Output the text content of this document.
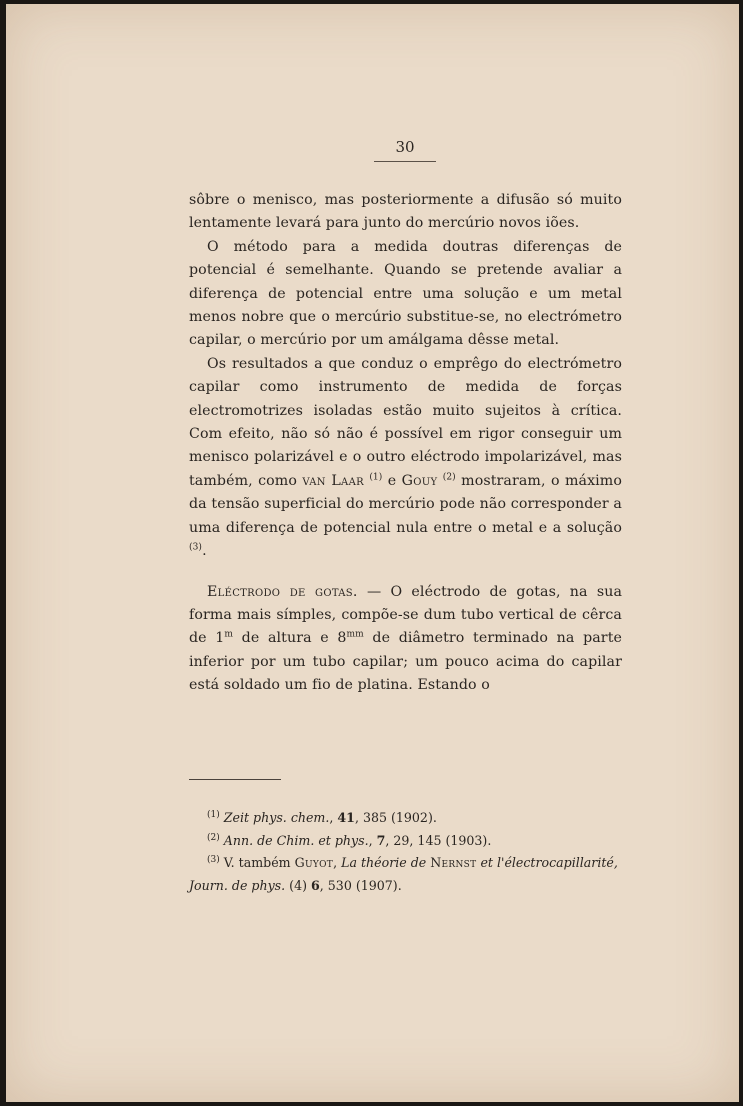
30

sôbre o menisco, mas posteriormente a difusão só muito lentamente levará para junto do mercúrio novos iões.

O método para a medida doutras diferenças de potencial é semelhante. Quando se pretende avaliar a diferença de potencial entre uma solução e um metal menos nobre que o mercúrio substitue-se, no electrómetro capilar, o mercúrio por um amálgama dêsse metal.

Os resultados a que conduz o emprêgo do electrómetro capilar como instrumento de medida de forças electromotrizes isoladas estão muito sujeitos à crítica. Com efeito, não só não é possível em rigor conseguir um menisco polarizável e o outro eléctrodo impolarizável, mas também, como van Laar $^{(1)}$ e Gouy $^{(2)}$ mostraram, o máximo da tensão superficial do mercúrio pode não corresponder a uma diferença de potencial nula entre o metal e a solução $^{(3)}$.

Eléctrodo de gotas. — O eléctrodo de gotas, na sua forma mais símples, compõe-se dum tubo vertical de cêrca de 1$^m$ de altura e $8^{mm}$ de diâmetro terminado na parte inferior por um tubo capilar; um pouco acima do capilar está soldado um fio de platina. Estando o

$^{(1)}$ Zeit phys. chem., 41, 385 (1902).

$^{(2)}$ Ann. de Chim. et phys., 7, 29, 145 (1903).

$^{(3)}$ V. também Guyot, La théorie de Nernst et l'électrocapillarité, Journ. de phys. (4) 6, 530 (1907).
